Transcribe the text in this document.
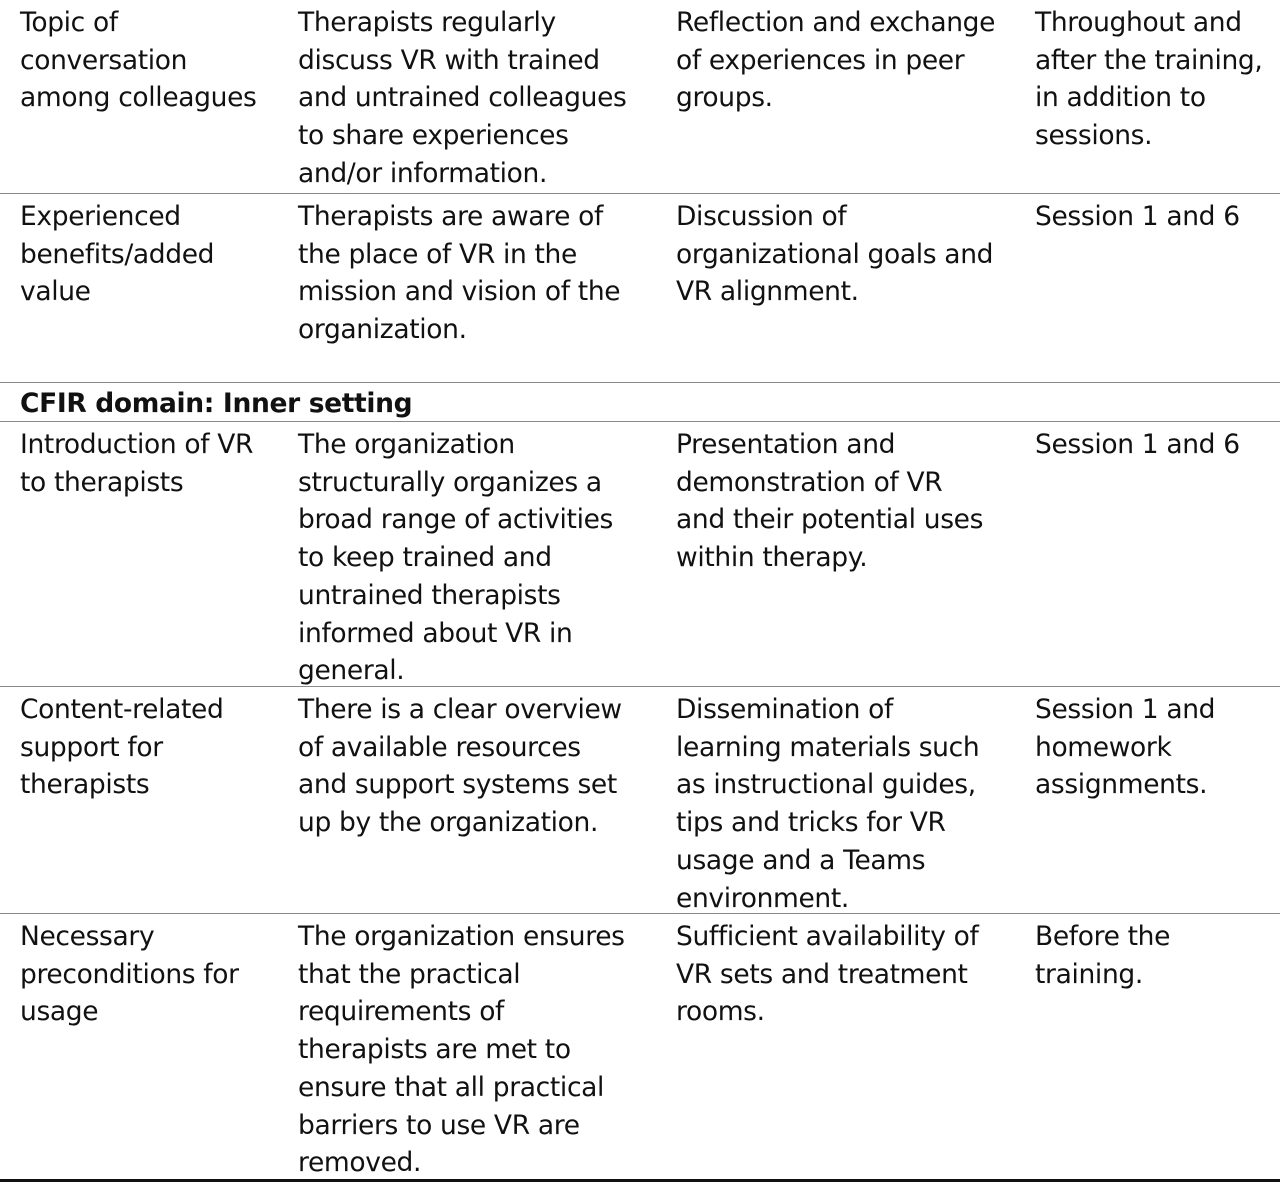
Topic of
conversation
among colleagues
Therapists regularly
discuss VR with trained
and untrained colleagues
to share experiences
and/or information.
Reflection and exchange
of experiences in peer
groups.
Throughout and
after the training,
in addition to
sessions.
Experienced
benefits/added
value
Therapists are aware of
the place of VR in the
mission and vision of the
organization.
Discussion of
organizational goals and
VR alignment.
Session 1 and 6
CFIR domain: Inner setting
Introduction of VR
to therapists
The organization
structurally organizes a
broad range of activities
to keep trained and
untrained therapists
informed about VR in
general.
Presentation and
demonstration of VR
and their potential uses
within therapy.
Session 1 and 6
Content-related
support for
therapists
There is a clear overview
of available resources
and support systems set
up by the organization.
Dissemination of
learning materials such
as instructional guides,
tips and tricks for VR
usage and a Teams
environment.
Session 1 and
homework
assignments.
Necessary
preconditions for
usage
The organization ensures
that the practical
requirements of
therapists are met to
ensure that all practical
barriers to use VR are
removed.
Sufficient availability of
VR sets and treatment
rooms.
Before the
training.
